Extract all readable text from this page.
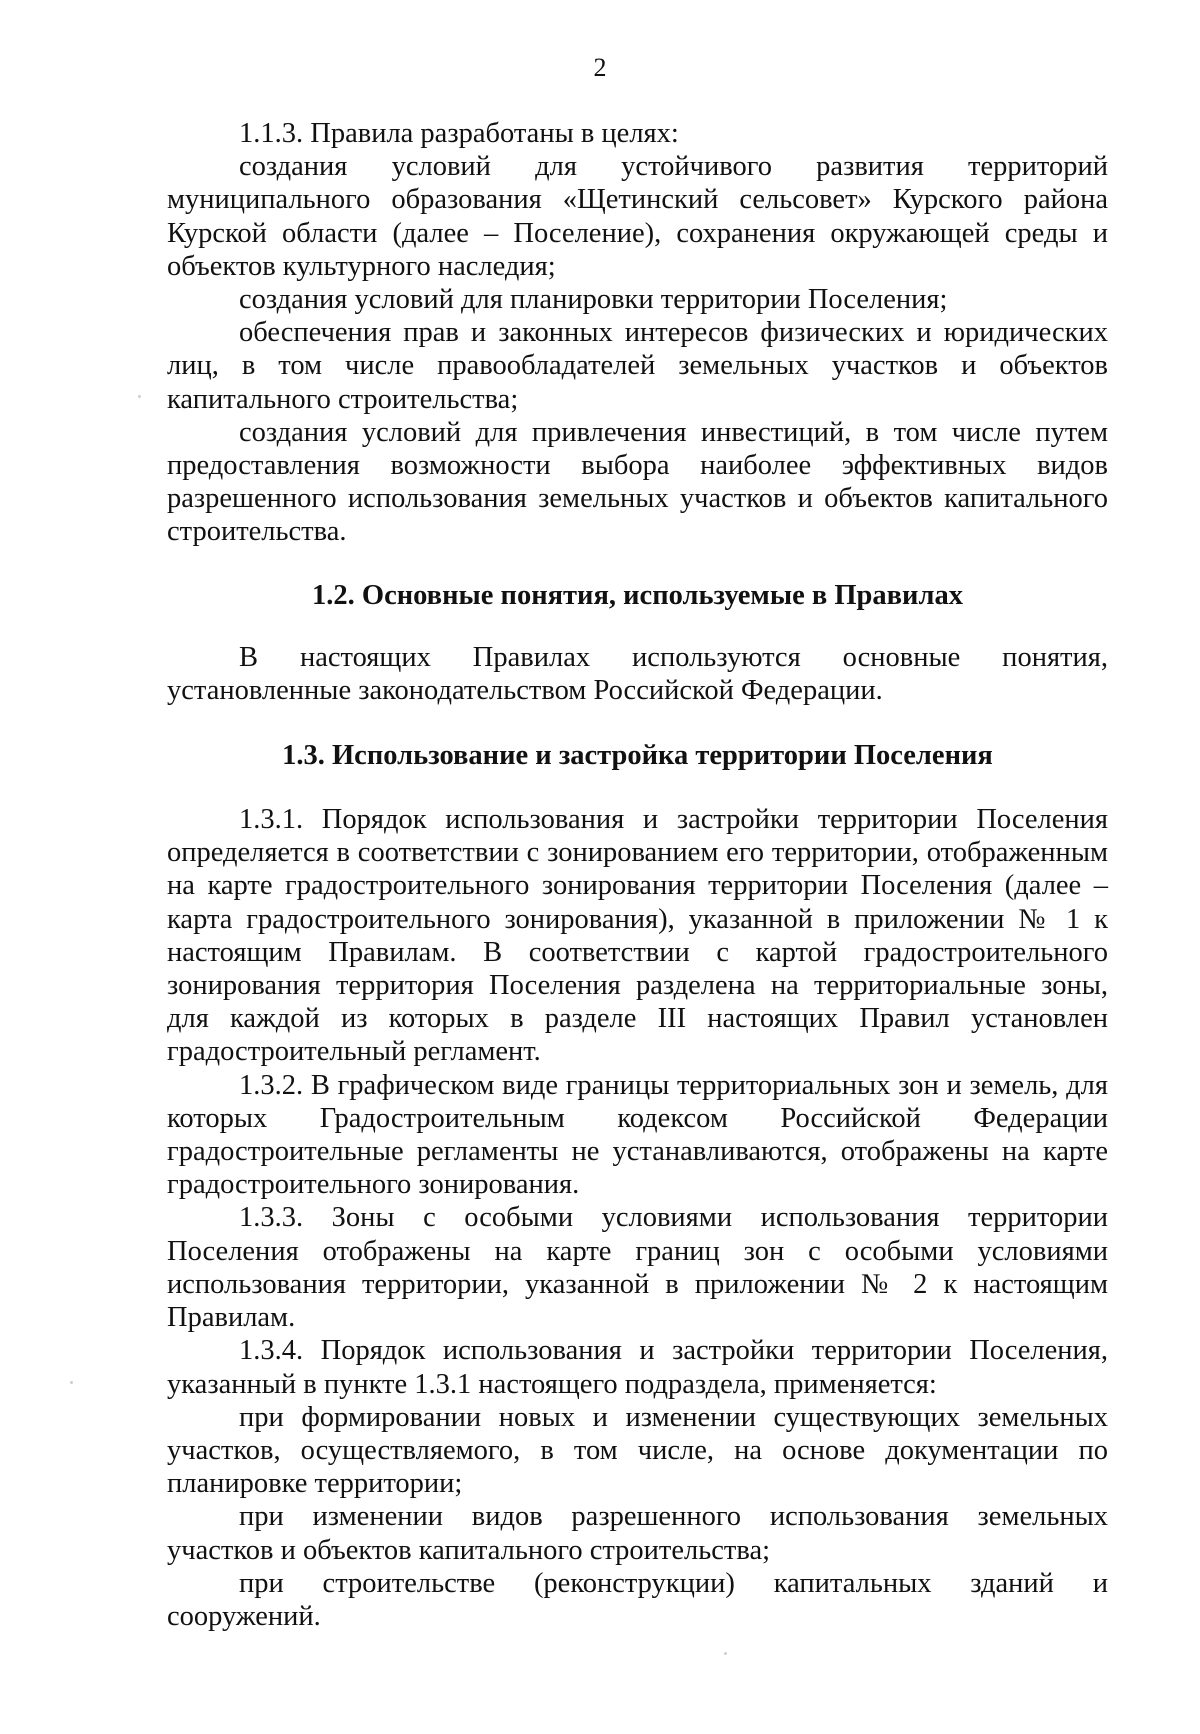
2

1.1.3. Правила разработаны в целях:

создания условий для устойчивого развития территорий муниципального образования «Щетинский сельсовет» Курского района Курской области (далее – Поселение), сохранения окружающей среды и объектов культурного наследия;

создания условий для планировки территории Поселения;

обеспечения прав и законных интересов физических и юридических лиц, в том числе правообладателей земельных участков и объектов капитального строительства;

создания условий для привлечения инвестиций, в том числе путем предоставления возможности выбора наиболее эффективных видов разрешенного использования земельных участков и объектов капитального строительства.

1.2. Основные понятия, используемые в Правилах

В настоящих Правилах используются основные понятия, установленные законодательством Российской Федерации.

1.3. Использование и застройка территории Поселения

1.3.1. Порядок использования и застройки территории Поселения определяется в соответствии с зонированием его территории, отображенным на карте градостроительного зонирования территории Поселения (далее – карта градостроительного зонирования), указанной в приложении № 1 к настоящим Правилам. В соответствии с картой градостроительного зонирования территория Поселения разделена на территориальные зоны, для каждой из которых в разделе III настоящих Правил установлен градостроительный регламент.

1.3.2. В графическом виде границы территориальных зон и земель, для которых Градостроительным кодексом Российской Федерации градостроительные регламенты не устанавливаются, отображены на карте градостроительного зонирования.

1.3.3. Зоны с особыми условиями использования территории Поселения отображены на карте границ зон с особыми условиями использования территории, указанной в приложении № 2 к настоящим Правилам.

1.3.4. Порядок использования и застройки территории Поселения, указанный в пункте 1.3.1 настоящего подраздела, применяется:

при формировании новых и изменении существующих земельных участков, осуществляемого, в том числе, на основе документации по планировке территории;

при изменении видов разрешенного использования земельных участков и объектов капитального строительства;

при строительстве (реконструкции) капитальных зданий и сооружений.
